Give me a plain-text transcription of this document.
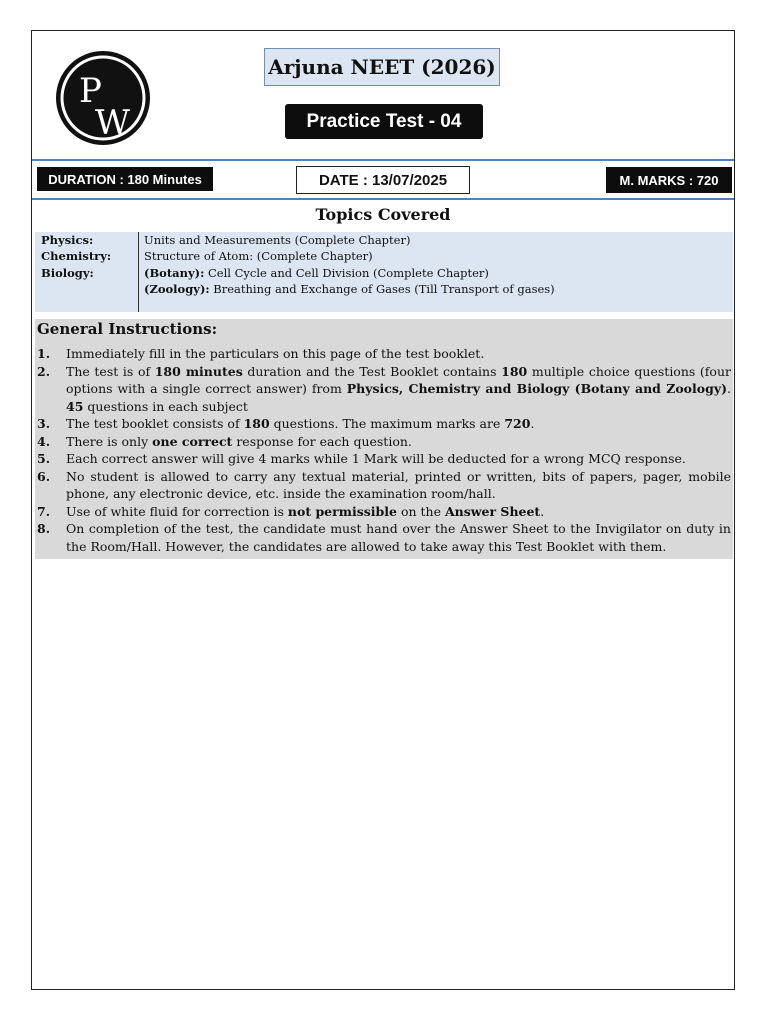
P
W
Arjuna NEET (2026)
Practice Test - 04
DURATION : 180 Minutes	DATE : 13/07/2025	M. MARKS : 720
Topics Covered
Physics:	Units and Measurements (Complete Chapter)
Chemistry:	Structure of Atom: (Complete Chapter)
Biology:	(Botany): Cell Cycle and Cell Division (Complete Chapter)
(Zoology): Breathing and Exchange of Gases (Till Transport of gases)
General Instructions:
1. Immediately fill in the particulars on this page of the test booklet.
2. The test is of 180 minutes duration and the Test Booklet contains 180 multiple choice questions (four options with a single correct answer) from Physics, Chemistry and Biology (Botany and Zoology). 45 questions in each subject
3. The test booklet consists of 180 questions. The maximum marks are 720.
4. There is only one correct response for each question.
5. Each correct answer will give 4 marks while 1 Mark will be deducted for a wrong MCQ response.
6. No student is allowed to carry any textual material, printed or written, bits of papers, pager, mobile phone, any electronic device, etc. inside the examination room/hall.
7. Use of white fluid for correction is not permissible on the Answer Sheet.
8. On completion of the test, the candidate must hand over the Answer Sheet to the Invigilator on duty in the Room/Hall. However, the candidates are allowed to take away this Test Booklet with them.
